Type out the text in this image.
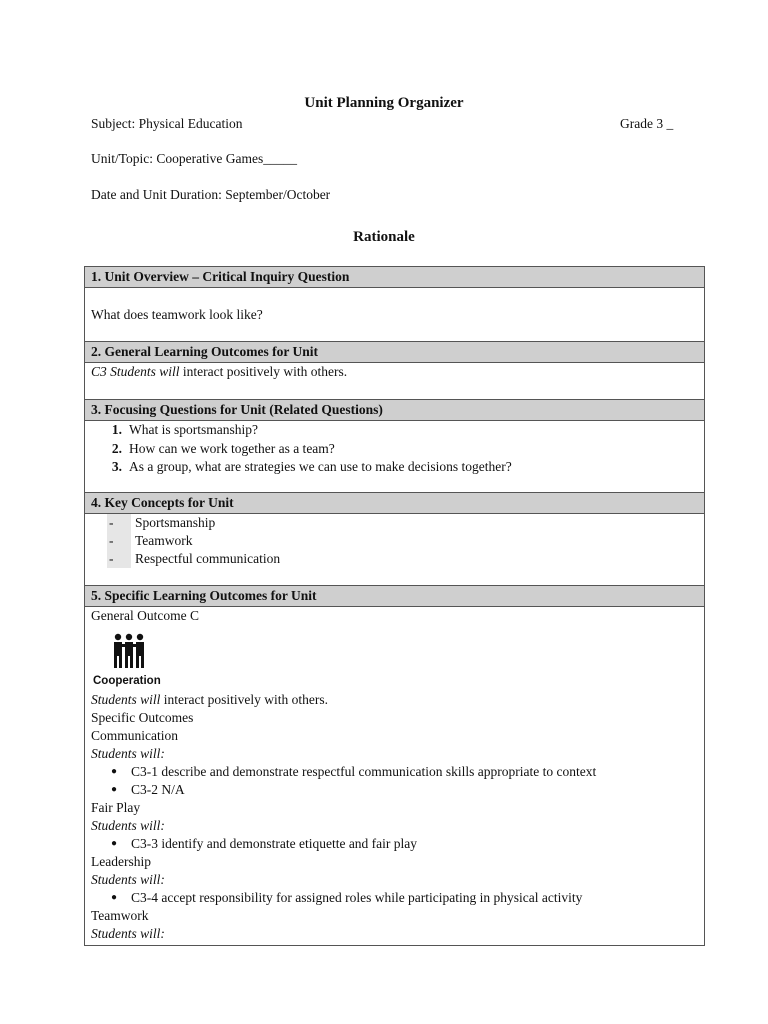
Unit Planning Organizer
Subject: Physical Education	Grade 3 _
Unit/Topic: Cooperative Games_____
Date and Unit Duration: September/October
Rationale
1. Unit Overview – Critical Inquiry Question
What does teamwork look like?
2. General Learning Outcomes for Unit
C3 Students will interact positively with others.
3. Focusing Questions for Unit (Related Questions)
1. What is sportsmanship?
2. How can we work together as a team?
3. As a group, what are strategies we can use to make decisions together?
4. Key Concepts for Unit
-	Sportsmanship
-	Teamwork
-	Respectful communication
5. Specific Learning Outcomes for Unit
General Outcome C
Cooperation
Students will interact positively with others.
Specific Outcomes
Communication
Students will:
●	C3-1 describe and demonstrate respectful communication skills appropriate to context
●	C3-2 N/A
Fair Play
Students will:
●	C3-3 identify and demonstrate etiquette and fair play
Leadership
Students will:
●	C3-4 accept responsibility for assigned roles while participating in physical activity
Teamwork
Students will:
